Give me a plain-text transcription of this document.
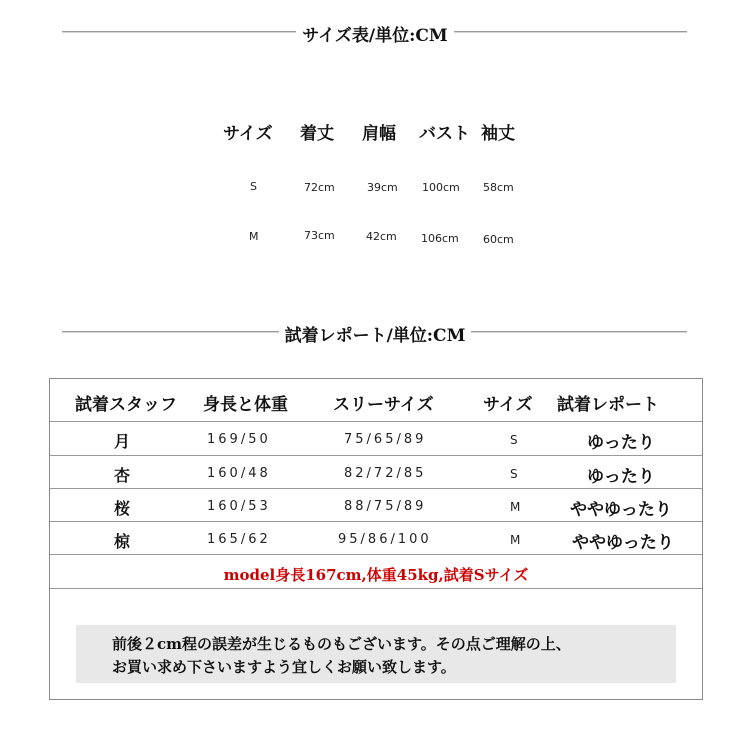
サイズ表/単位:CM
サイズ 着丈 肩幅 バスト 袖丈
S	72cm	39cm 100cm 58cm
M	73cm	42cm 106cm 60cm
試着レポート/単位:CM
試着スタッフ 身長と体重	スリーサイズ	サイズ 試着レポート
月	169/50	75/65/89	S	ゆったり
杏	160/48	82/72/85	S	ゆったり
桜	160/53	88/75/89	M	ややゆったり
椋	165/62	95/86/100	M	ややゆったり
model身長167cm,体重45kg,試着Sサイズ
前後２cm程の誤差が生じるものもございます。その点ご理解の上、
お買い求め下さいますよう宜しくお願い致します。
